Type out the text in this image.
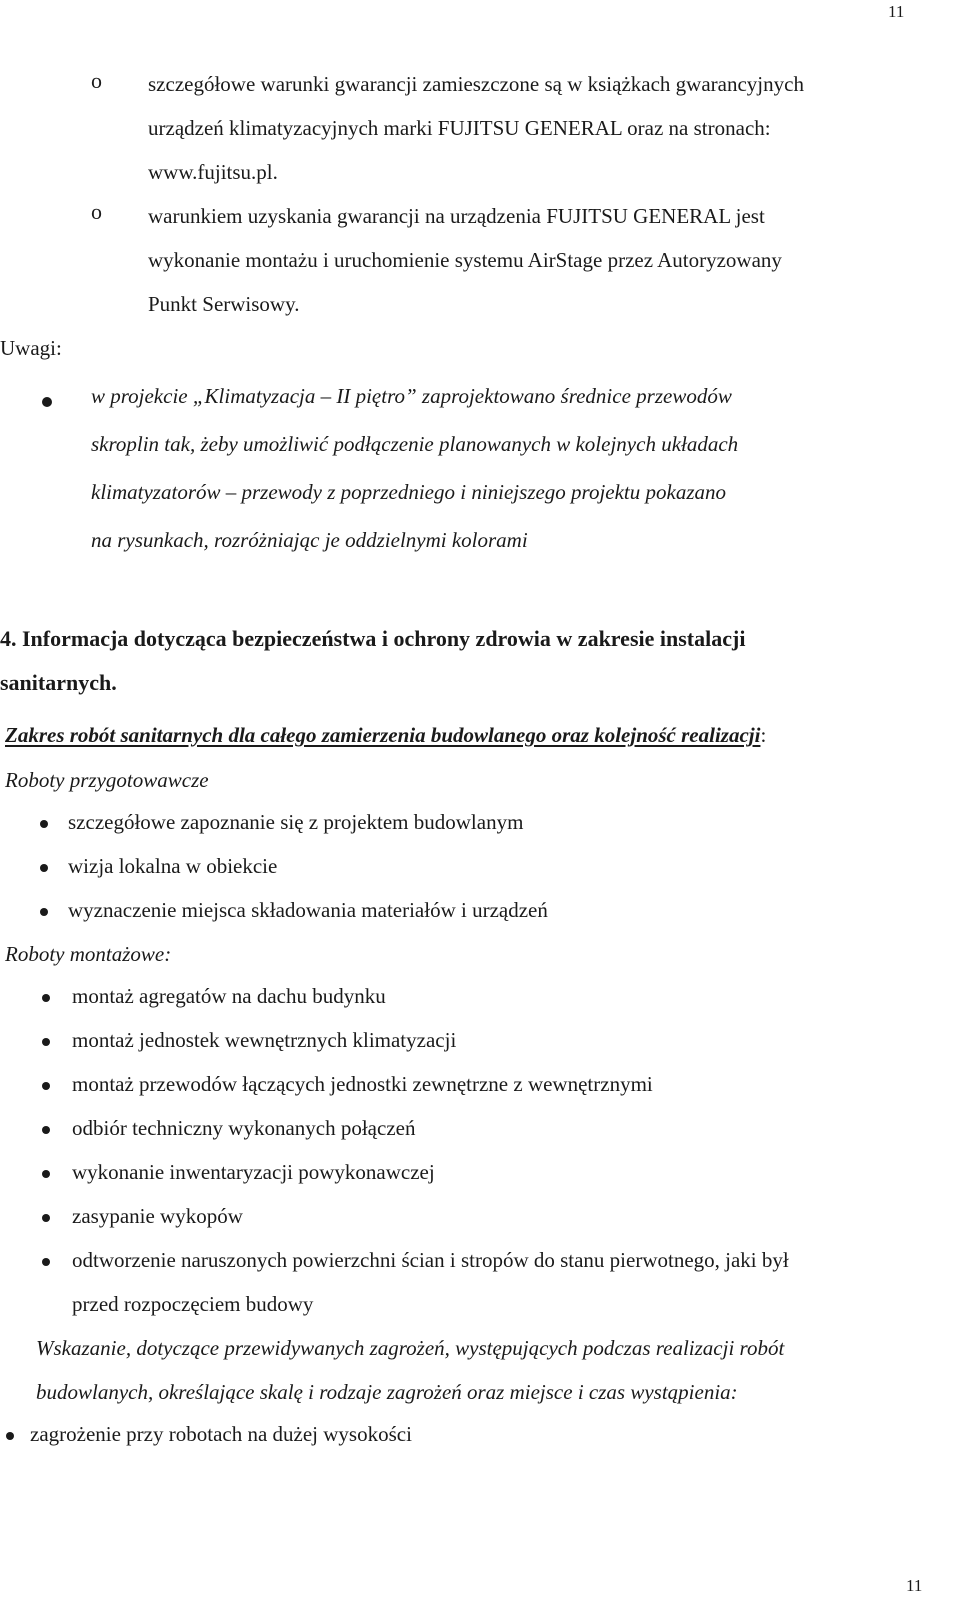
11
o szczegółowe warunki gwarancji zamieszczone są w książkach gwarancyjnych
urządzeń klimatyzacyjnych marki FUJITSU GENERAL oraz na stronach:
www.fujitsu.pl.
o warunkiem uzyskania gwarancji na urządzenia FUJITSU GENERAL jest
wykonanie montażu i uruchomienie systemu AirStage przez Autoryzowany
Punkt Serwisowy.
Uwagi:
w projekcie „Klimatyzacja – II piętro” zaprojektowano średnice przewodów
skroplin tak, żeby umożliwić podłączenie planowanych w kolejnych układach
klimatyzatorów – przewody z poprzedniego i niniejszego projektu pokazano
na rysunkach, rozróżniając je oddzielnymi kolorami
4. Informacja dotycząca bezpieczeństwa i ochrony zdrowia w zakresie instalacji
sanitarnych.
Zakres robót sanitarnych dla całego zamierzenia budowlanego oraz kolejność realizacji:
Roboty przygotowawcze
szczegółowe zapoznanie się z projektem budowlanym
wizja lokalna w obiekcie
wyznaczenie miejsca składowania materiałów i urządzeń
Roboty montażowe:
montaż agregatów na dachu budynku
montaż jednostek wewnętrznych klimatyzacji
montaż przewodów łączących jednostki zewnętrzne z wewnętrznymi
odbiór techniczny wykonanych połączeń
wykonanie inwentaryzacji powykonawczej
zasypanie wykopów
odtworzenie naruszonych powierzchni ścian i stropów do stanu pierwotnego, jaki był
przed rozpoczęciem budowy
Wskazanie, dotyczące przewidywanych zagrożeń, występujących podczas realizacji robót
budowlanych, określające skalę i rodzaje zagrożeń oraz miejsce i czas wystąpienia:
zagrożenie przy robotach na dużej wysokości
11
